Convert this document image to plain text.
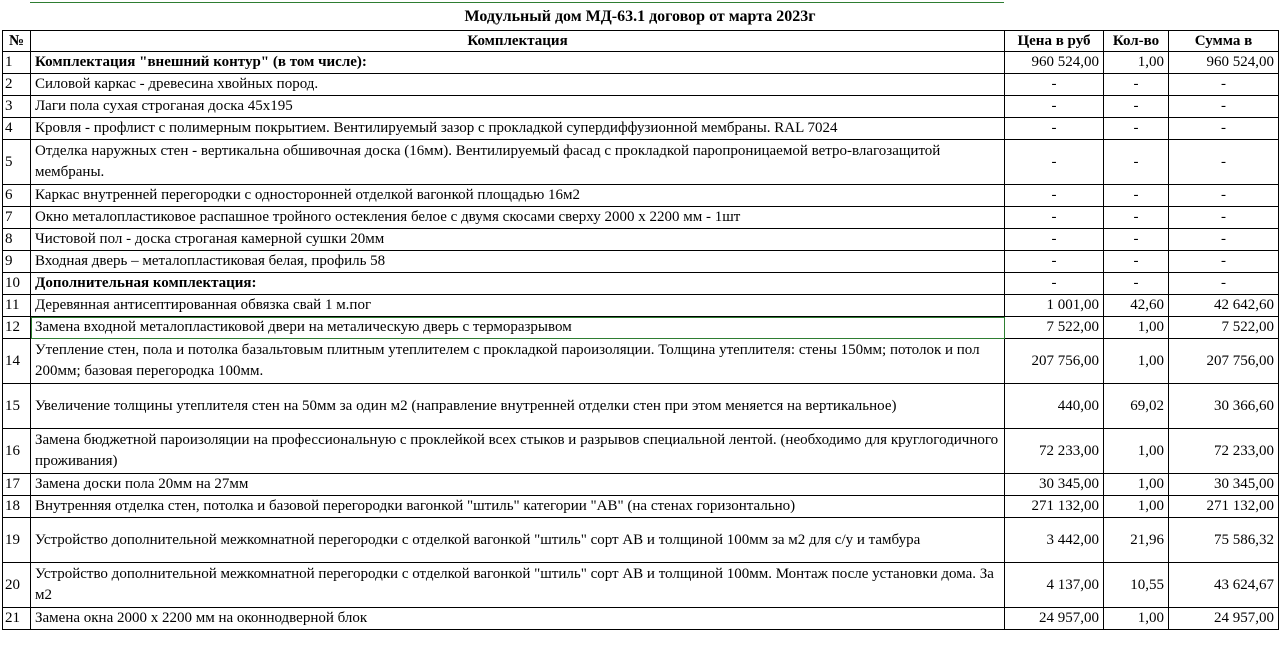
Модульный дом МД-63.1 договор от марта 2023г
№	Комплектация	Цена в руб	Кол-во	Сумма в
1	Комплектация "внешний контур" (в том числе):	960 524,00	1,00	960 524,00
2	Силовой каркас - древесина хвойных пород.	-	-	-
3	Лаги пола сухая строганая доска 45х195	-	-	-
4	Кровля - профлист с полимерным покрытием. Вентилируемый зазор с прокладкой супердиффузионной мембраны. RAL 7024	-	-	-
5	Отделка наружных стен - вертикальна обшивочная доска (16мм). Вентилируемый фасад с прокладкой паропроницаемой ветро-влагозащитой мембраны.	-	-	-
6	Каркас внутренней перегородки с односторонней отделкой вагонкой площадью 16м2	-	-	-
7	Окно металопластиковое распашное тройного остекления белое с двумя скосами сверху 2000 х 2200 мм - 1шт	-	-	-
8	Чистовой пол - доска строганая камерной сушки 20мм	-	-	-
9	Входная дверь – металопластиковая белая, профиль 58	-	-	-
10	Дополнительная комплектация:	-	-	-
11	Деревянная антисептированная обвязка свай 1 м.пог	1 001,00	42,60	42 642,60
12	Замена входной металопластиковой двери на металическую дверь с терморазрывом	7 522,00	1,00	7 522,00
14	Утепление стен, пола и потолка базальтовым плитным утеплителем с прокладкой пароизоляции. Толщина утеплителя: стены 150мм; потолок и пол 200мм; базовая перегородка 100мм.	207 756,00	1,00	207 756,00
15	Увеличение толщины утеплителя стен на 50мм за один м2 (направление внутренней отделки стен при этом меняется на вертикальное)	440,00	69,02	30 366,60
16	Замена бюджетной пароизоляции на профессиональную с проклейкой всех стыков и разрывов специальной лентой. (необходимо для круглогодичного проживания)	72 233,00	1,00	72 233,00
17	Замена доски пола 20мм на 27мм	30 345,00	1,00	30 345,00
18	Внутренняя отделка стен, потолка и базовой перегородки вагонкой "штиль" категории "АВ" (на стенах горизонтально)	271 132,00	1,00	271 132,00
19	Устройство дополнительной межкомнатной перегородки с отделкой вагонкой "штиль" сорт АВ и толщиной 100мм за м2 для с/у и тамбура	3 442,00	21,96	75 586,32
20	Устройство дополнительной межкомнатной перегородки с отделкой вагонкой "штиль" сорт АВ и толщиной 100мм. Монтаж после установки дома. За м2	4 137,00	10,55	43 624,67
21	Замена окна 2000 х 2200 мм на оконнодверной блок	24 957,00	1,00	24 957,00
